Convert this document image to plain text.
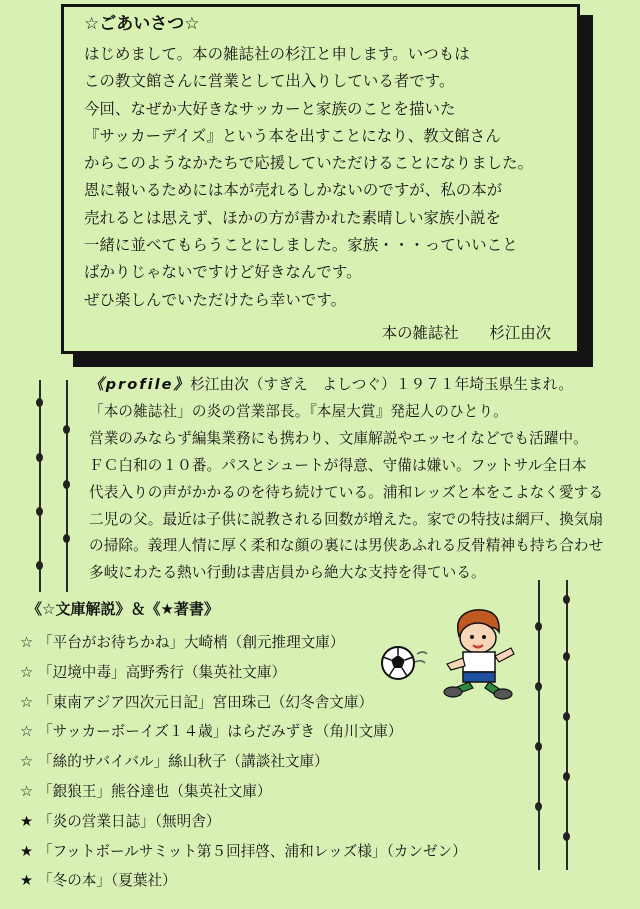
☆ごあいさつ☆
はじめまして。本の雑誌社の杉江と申します。いつもは
この教文館さんに営業として出入りしている者です。
今回、なぜか大好きなサッカーと家族のことを描いた
『サッカーデイズ』という本を出すことになり、教文館さん
からこのようなかたちで応援していただけることになりました。
恩に報いるためには本が売れるしかないのですが、私の本が
売れるとは思えず、ほかの方が書かれた素晴しい家族小説を
一緒に並べてもらうことにしました。家族・・・っていいこと
ばかりじゃないですけど好きなんです。
ぜひ楽しんでいただけたら幸いです。
本の雑誌社　　杉江由次
《profile》杉江由次（すぎえ　よしつぐ）１９７１年埼玉県生まれ。
「本の雑誌社」の炎の営業部長。『本屋大賞』発起人のひとり。
営業のみならず編集業務にも携わり、文庫解説やエッセイなどでも活躍中。
ＦＣ白和の１０番。パスとシュートが得意、守備は嫌い。フットサル全日本
代表入りの声がかかるのを待ち続けている。浦和レッズと本をこよなく愛する
二児の父。最近は子供に説教される回数が増えた。家での特技は網戸、換気扇
の掃除。義理人情に厚く柔和な顔の裏には男侠あふれる反骨精神も持ち合わせ
多岐にわたる熱い行動は書店員から絶大な支持を得ている。
《☆文庫解説》＆《★著書》
☆ 「平台がお待ちかね」大崎梢（創元推理文庫）
☆ 「辺境中毒」高野秀行（集英社文庫）
☆ 「東南アジア四次元日記」宮田珠己（幻冬舎文庫）
☆ 「サッカーボーイズ１４歳」はらだみずき（角川文庫）
☆ 「絲的サバイバル」絲山秋子（講談社文庫）
☆ 「銀狼王」熊谷達也（集英社文庫）
★ 「炎の営業日誌」（無明舎）
★ 「フットボールサミット第５回拝啓、浦和レッズ様」（カンゼン）
★ 「冬の本」（夏葉社）
